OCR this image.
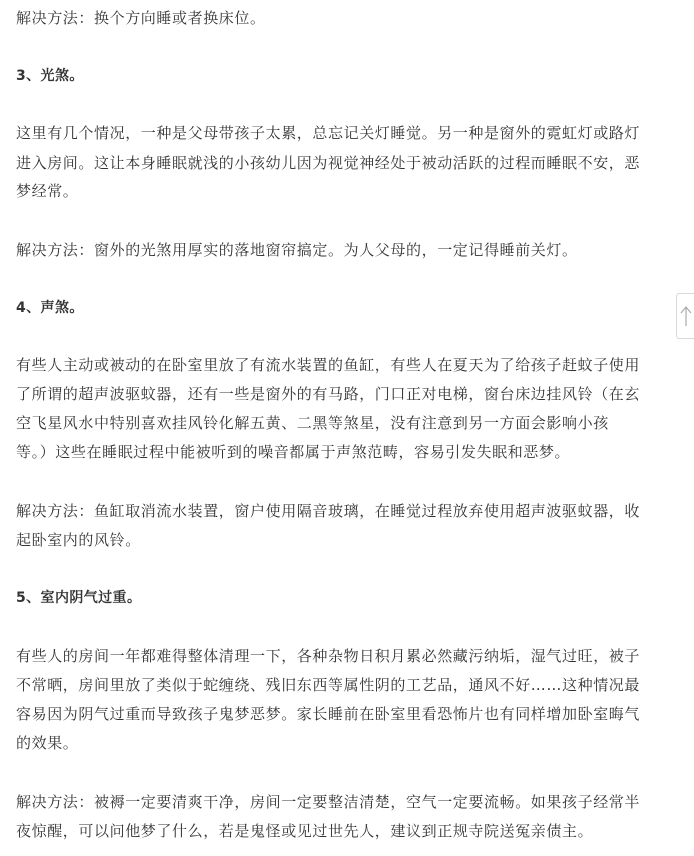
解决方法：换个方向睡或者换床位。
3、光煞。
这里有几个情况，一种是父母带孩子太累，总忘记关灯睡觉。另一种是窗外的霓虹灯或路灯
进入房间。这让本身睡眠就浅的小孩幼儿因为视觉神经处于被动活跃的过程而睡眠不安，恶
梦经常。
解决方法：窗外的光煞用厚实的落地窗帘搞定。为人父母的，一定记得睡前关灯。
4、声煞。
有些人主动或被动的在卧室里放了有流水装置的鱼缸，有些人在夏天为了给孩子赶蚊子使用
了所谓的超声波驱蚊器，还有一些是窗外的有马路，门口正对电梯，窗台床边挂风铃（在玄
空飞星风水中特别喜欢挂风铃化解五黄、二黑等煞星，没有注意到另一方面会影响小孩
等。）这些在睡眠过程中能被听到的噪音都属于声煞范畴，容易引发失眠和恶梦。
解决方法：鱼缸取消流水装置，窗户使用隔音玻璃，在睡觉过程放弃使用超声波驱蚊器，收
起卧室内的风铃。
5、室内阴气过重。
有些人的房间一年都难得整体清理一下，各种杂物日积月累必然藏污纳垢，湿气过旺，被子
不常晒，房间里放了类似于蛇缠绕、残旧东西等属性阴的工艺品，通风不好……这种情况最
容易因为阴气过重而导致孩子鬼梦恶梦。家长睡前在卧室里看恐怖片也有同样增加卧室晦气
的效果。
解决方法：被褥一定要清爽干净，房间一定要整洁清楚，空气一定要流畅。如果孩子经常半
夜惊醒，可以问他梦了什么，若是鬼怪或见过世先人，建议到正规寺院送冤亲债主。
